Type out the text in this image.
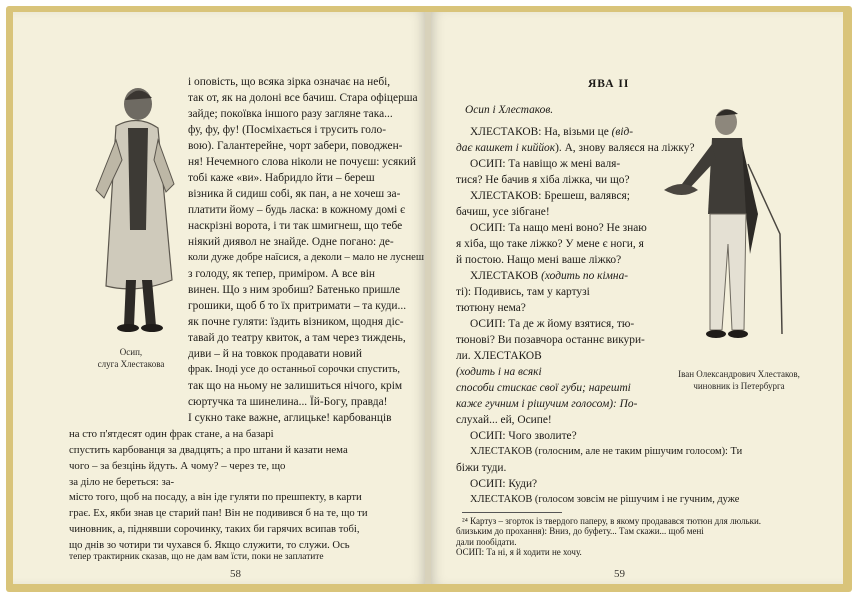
Осип,
слуга Хлестакова
і оповість, що всяка зірка означає на небі,
так от, як на долоні все бачиш. Стара офіцерша
зайде; покоївка іншого разу загляне така...
фу, фу, фу! (Посміхається і трусить голо-
вою). Галантерейне, чорт забери, поводжен-
ня! Нечемного слова ніколи не почуєш: усякий
тобі каже «ви». Набридло йти – береш
візника й сидиш собі, як пан, а не хочеш за-
платити йому – будь ласка: в кожному домі є
наскрізні ворота, і ти так шмигнеш, що тебе
ніякий диявол не знайде. Одне погано: де-
коли дуже добре наїсися, а деколи – мало не луснеш
з голоду, як тепер, приміром. А все він
винен. Що з ним зробиш? Батенько пришле
грошики, щоб б то їх притримати – та куди...
як почне гуляти: їздить візником, щодня діс-
тавай до театру квиток, а там через тиждень,
диви – й на товкок продавати новий
фрак. Іноді усе до останньої сорочки спустить,
так що на ньому не залишиться нічого, крім
сюртучка та шинелинa... Їй-Богу, правда!
І сукно таке важне, аглицьке! карбованців
на сто п'ятдесят один фрак стане, а на базарі
спустить карбованця за двадцять; а про штани й казати нема
чого – за безцінь йдуть. А чому? – через те, що
за діло не береться: за-
місто того, щоб на посаду, а він іде гуляти по прешпекту, в карти
грає. Ех, якби знав це старий пан! Він не подивився б на те, що ти
чиновник, а, піднявши сорочинку, таких би гарячих всипав тобі,
що днів зо чотири ти чухався б. Якщо служити, то служи. Ось
58
ЯВА ІІ
Осип і Хлестаков.
Іван Олександрович Хлестаков,
чиновник із Петербурга
ХЛЕСТАКОВ: На, візьми це (від-
дає кашкет і киййок). А, знову валяєся на ліжку?
ОСИП: Та навіщо ж мені валя-
тися? Не бачив я хіба ліжка, чи що?
ХЛЕСТАКОВ: Брешеш, валявся;
бачиш, усе зібгане!
ОСИП: Та нащо мені воно? Не знаю
я хіба, що таке ліжко? У мене є ноги, я
й постою. Нащо мені ваше ліжко?
ХЛЕСТАКОВ (ходить по кімна-
ті): Подивись, там у картузі
тютюну нема?
ОСИП: Та де ж йому взятися, тю-
тюнові? Ви позавчора останнє викури-
ли. ХЛЕСТАКОВ
(ходить і на всякі
способи стискає свої губи; нарешті
каже гучним і рішучим голосом): По-
слухай... ей, Осипе!
ОСИП: Чого зволите?
ХЛЕСТАКОВ (голосним, але не таким рішучим голосом): Ти
біжи туди.
ОСИП: Куди?
ХЛЕСТАКОВ (голосом зовсім не рішучим і не гучним, дуже
²⁴ Картуз – згорток із твердого паперу, в якому продавався тютюн для люльки.
59
тепер трактирник сказав, що не дам вам їсти, поки не заплатите
близьким до прохання): Вниз, до буфету... Там скажи... щоб мені
дали пообідати.
ОСИП: Та ні, я й ходити не хочу.
